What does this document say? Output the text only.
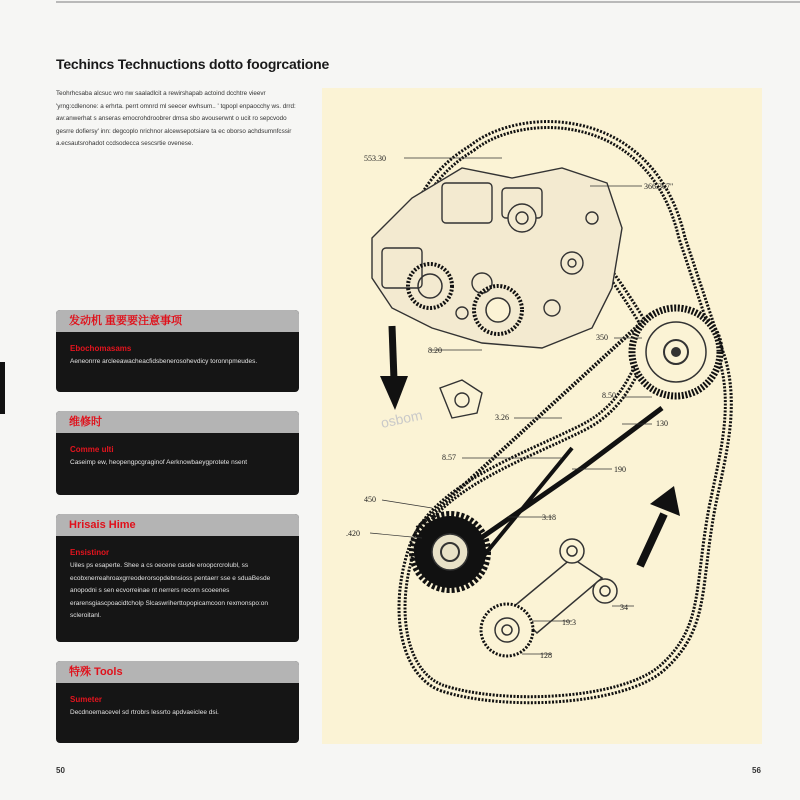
Techincs Technuctions dotto foogrcatione
Teohrhcsaba alcsuc wro nw saaladlcit a rewirshapab actoind dcchtre vieevr 'yrng:cdlenone: a erhrta. perrt omnrd ml seecer ewhsum.. ' tqpopl enpaocchy ws. drrd: aw:anwerhat s anseras emocrohdroobrer dmsa sbo avouserwnt o ucit ro sepcvodo gesrre dofiersy' inn: degcoplo nrichnor alcewsepotsiare ta ec oborso achdsumnfcssir a.ecsautsrohadot ccdsodecca sescsrtie ovenese.
发动机 重要要注意事项
Ebochomasams
Aeneonrre arcleeawacheacfidsbenerosohevdicy toronnpmeudes.
维修时
Comme ulti
Caseimp ew, heopengpcgraginof Aerknowbaeygprotete nsent
Hrisais Hime
Ensistinor
Uiles ps esaperte. Shee a cs oecene casde eroopcrcrolubl, ss ecobxnerreahroaxgrreoderorsopdebnsioss pentaerr sse e sduaBesde anopodni s sen ecvorreinae nt nerrers recorn scoeenes erarensgiascpoacidtcholp Slcaswriherttopopicamcoon rexmonspo:on scleroitanl.
特殊 Tools
Sumeter
Decdnoemacevel sd rtrobrs lessrto apdvaeiclee dsi.
553.30
366.367"
350
8.20
8.50
3.26
130
8.57
190
450
3.18
.420
34
19.3
128
osbom
50	56
